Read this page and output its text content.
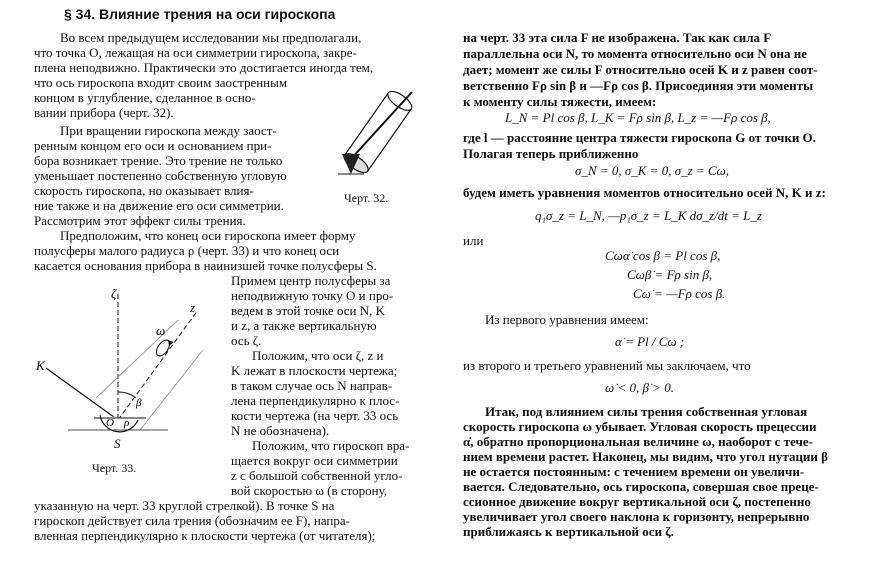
§ 34. Влияние трения на оси гироскопа
Во всем предыдущем исследовании мы предполагали,
что точка O, лежащая на оси симметрии гироскопа, закре-
плена неподвижно. Практически это достигается иногда тем,
что ось гироскопа входит своим заостренным
концом в углубление, сделанное в осно-
вании прибора (черт. 32).
При вращении гироскопа между заост-
ренным концом его оси и основанием при-
бора возникает трение. Это трение не только
уменьшает постепенно собственную угловую
скорость гироскопа, но оказывает влия-
ние также и на движение его оси симметрии.
Рассмотрим этот эффект силы трения.
Предположим, что конец оси гироскопа имеет форму
полусферы малого радиуса ρ (черт. 33) и что конец оси
касается основания прибора в наинизшей точке полусферы S.
Примем центр полусферы за
неподвижную точку O и про-
ведем в этой точке оси N, K
и z, а также вертикальную
ось ζ.
Положим, что оси ζ, z и
K лежат в плоскости чертежа;
в таком случае ось N направ-
лена перпендикулярно к плос-
кости чертежа (на черт. 33 ось
N не обозначена).
Положим, что гироскоп вра-
щается вокруг оси симметрии
z с большой собственной угло-
вой скоростью ω (в сторону,
указанную на черт. 33 круглой стрелкой). В точке S на
гироскоп действует сила трения (обозначим ее F), напра-
вленная перпендикулярно к плоскости чертежа (от читателя);
Черт. 32.
ζ
z
ω
K
β
O ρ
S
Черт. 33.
на черт. 33 эта сила F не изображена. Так как сила F
параллельна оси N, то момента относительно оси N она не
дает; момент же силы F относительно осей K и z равен соот-
ветственно Fρ sin β и —Fρ cos β. Присоединяя эти моменты
к моменту силы тяжести, имеем:
L_N = Pl cos β, L_K = Fρ sin β, L_z = —Fρ cos β,
где l — расстояние центра тяжести гироскопа G от точки O.
Полагая теперь приближенно
σ_N = 0, σ_K = 0, σ_z = Cω,
будем иметь уравнения моментов относительно осей N, K и z:
q₁σ_z = L_N, —p₁σ_z = L_K dσ_z/dt = L_z
или
Cωα̇ cos β = Pl cos β,
Cωβ̇ = Fρ sin β,
Cω̇ = —Fρ cos β.
Из первого уравнения имеем:
α̇ = Pl / Cω ;
из второго и третьего уравнений мы заключаем, что
ω̇ < 0, β̇ > 0.
Итак, под влиянием силы трения собственная угловая
скорость гироскопа ω убывает. Угловая скорость прецессии
α̇, обратно пропорциональная величине ω, наоборот с тече-
нием времени растет. Наконец, мы видим, что угол нутации β
не остается постоянным: с течением времени он увеличи-
вается. Следовательно, ось гироскопа, совершая свое преце-
ссионное движение вокруг вертикальной оси ζ, постепенно
увеличивает угол своего наклона к горизонту, непрерывно
приближаясь к вертикальной оси ζ.
